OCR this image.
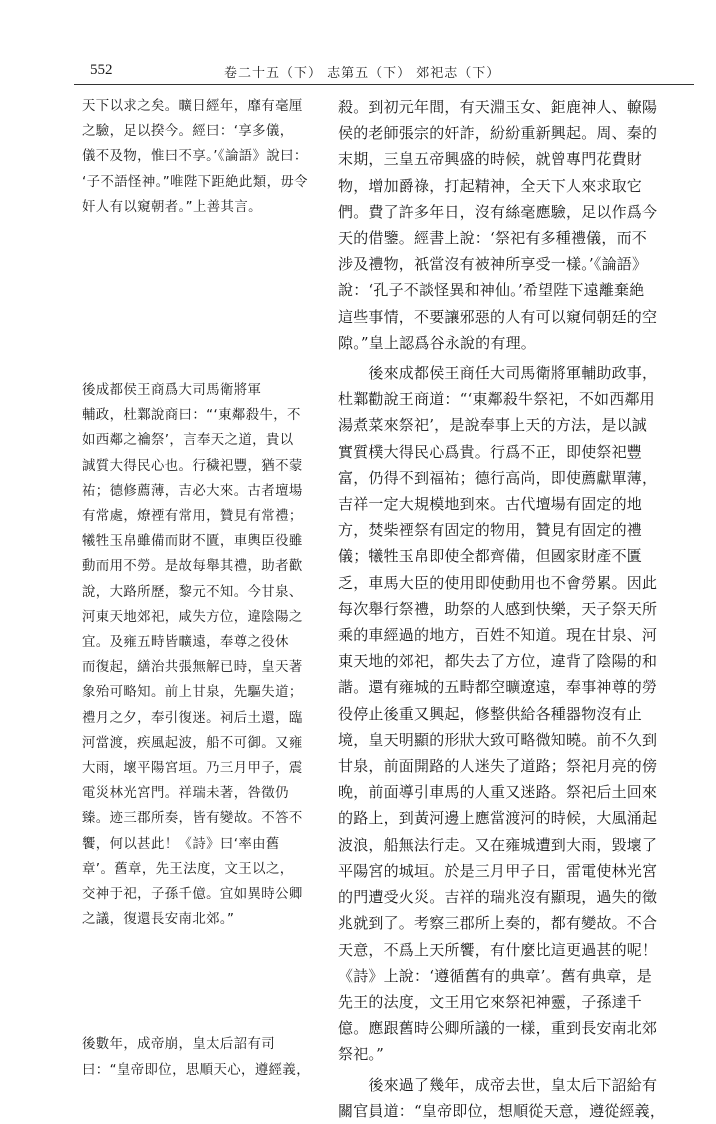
552	卷二十五（下） 志第五（下） 郊祀志（下）
天下以求之矣。曠日經年，靡有毫厘
之驗，足以揆今。經曰：‘享多儀，
儀不及物，惟曰不享。’《論語》說曰：
‘子不語怪神。”唯陛下距絶此類，毋令
奸人有以窺朝者。”上善其言。
後成都侯王商爲大司馬衛將軍
輔政，杜鄴說商曰：“‘東鄰殺牛，不
如西鄰之禴祭’，言奉天之道，貴以
誠質大得民心也。行穢祀豐，猶不蒙
祐；德修薦薄，吉必大來。古者壇場
有常處，燎禋有常用，贊見有常禮；
犧牲玉帛雖備而財不匱，車輿臣役雖
動而用不勞。是故每舉其禮，助者歡
說，大路所歷，黎元不知。今甘泉、
河東天地郊祀，咸失方位，違陰陽之
宜。及雍五畤皆曠遠，奉尊之役休
而復起，繕治共張無解已時，皇天著
象殆可略知。前上甘泉，先驅失道；
禮月之夕，奉引復迷。祠后土還，臨
河當渡，疾風起波，船不可御。又雍
大雨，壞平陽宮垣。乃三月甲子，震
電災林光宮門。祥瑞未著，咎徵仍
臻。迹三郡所奏，皆有變故。不答不
饗，何以甚此！《詩》曰‘率由舊
章’。舊章，先王法度，文王以之，
交神于祀，子孫千億。宜如異時公卿
之議，復還長安南北郊。”
後數年，成帝崩，皇太后詔有司
曰：“皇帝即位，思順天心，遵經義，
殺。到初元年間，有天淵玉女、鉅鹿神人、轑陽
侯的老師張宗的奸詐，紛紛重新興起。周、秦的
末期，三皇五帝興盛的時候，就曾專門花費財
物，增加爵祿，打起精神，全天下人來求取它
們。費了許多年日，沒有絲毫應驗，足以作爲今
天的借鑒。經書上說：‘祭祀有多種禮儀，而不
涉及禮物，祇當沒有被神所享受一樣。’《論語》
說：‘孔子不談怪異和神仙。’希望陛下遠離棄絶
這些事情，不要讓邪惡的人有可以窺伺朝廷的空
隙。”皇上認爲谷永說的有理。
　　後來成都侯王商任大司馬衛將軍輔助政事，
杜鄴勸說王商道：“‘東鄰殺牛祭祀，不如西鄰用
湯煮菜來祭祀’，是說奉事上天的方法，是以誠
實質樸大得民心爲貴。行爲不正，即使祭祀豐
富，仍得不到福祐；德行高尚，即使薦獻單薄，
吉祥一定大規模地到來。古代壇場有固定的地
方，焚柴禋祭有固定的物用，贊見有固定的禮
儀；犧牲玉帛即使全都齊備，但國家財產不匱
乏，車馬大臣的使用即使動用也不會勞累。因此
每次舉行祭禮，助祭的人感到快樂，天子祭天所
乘的車經過的地方，百姓不知道。現在甘泉、河
東天地的郊祀，都失去了方位，違背了陰陽的和
諧。還有雍城的五畤都空曠遼遠，奉事神尊的勞
役停止後重又興起，修整供給各種器物沒有止
境，皇天明顯的形狀大致可略微知曉。前不久到
甘泉，前面開路的人迷失了道路；祭祀月亮的傍
晚，前面導引車馬的人重又迷路。祭祀后土回來
的路上，到黃河邊上應當渡河的時候，大風涌起
波浪，船無法行走。又在雍城遭到大雨，毀壞了
平陽宮的城垣。於是三月甲子日，雷電使林光宮
的門遭受火災。吉祥的瑞兆沒有顯現，過失的徵
兆就到了。考察三郡所上奏的，都有變故。不合
天意，不爲上天所饗，有什麼比這更過甚的呢！
《詩》上說：‘遵循舊有的典章’。舊有典章，是
先王的法度，文王用它來祭祀神靈，子孫達千
億。應跟舊時公卿所議的一樣，重到長安南北郊
祭祀。”
　　後來過了幾年，成帝去世，皇太后下詔給有
關官員道：“皇帝即位，想順從天意，遵從經義，
